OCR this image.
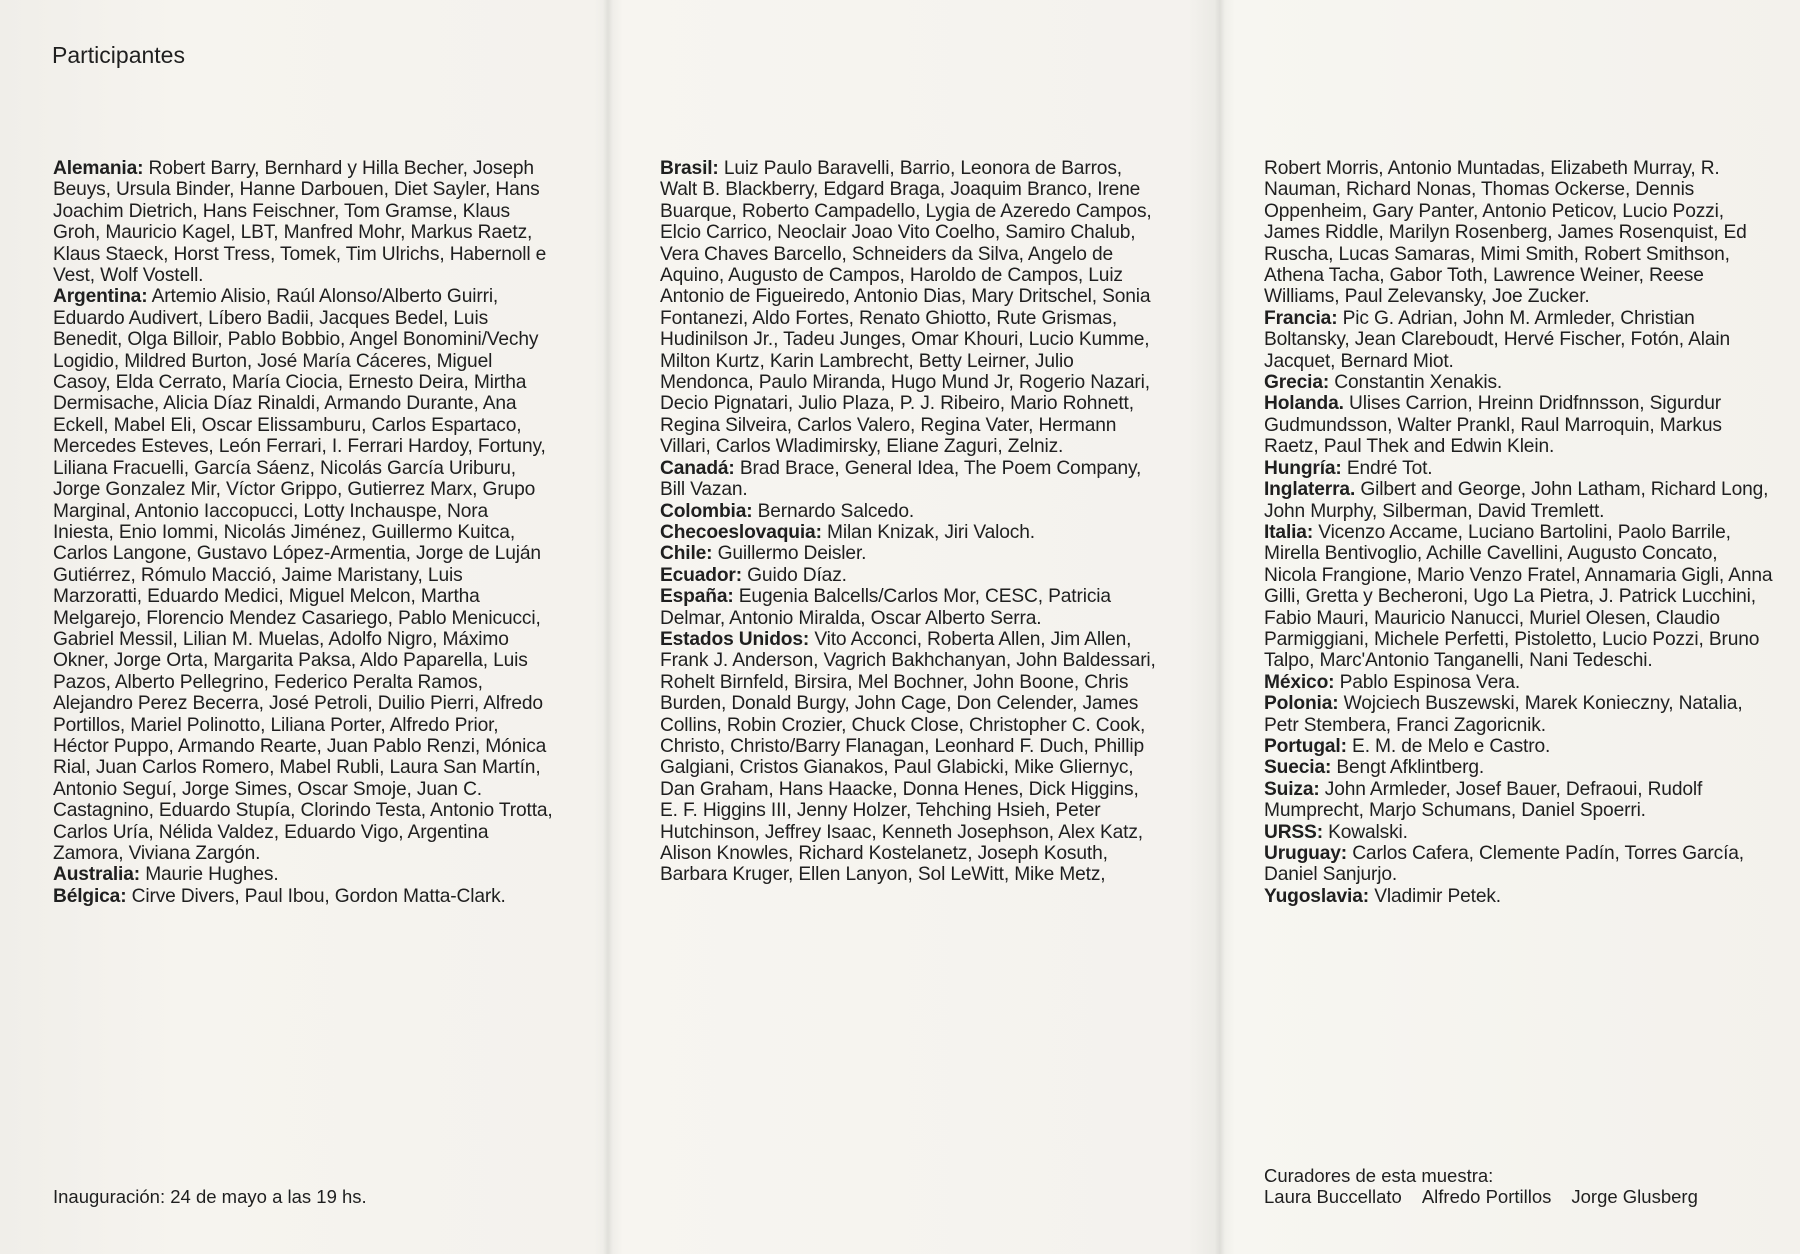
Participantes

Alemania: Robert Barry, Bernhard y Hilla Becher, Joseph Beuys, Ursula Binder, Hanne Darbouen, Diet Sayler, Hans Joachim Dietrich, Hans Feischner, Tom Gramse, Klaus Groh, Mauricio Kagel, LBT, Manfred Mohr, Markus Raetz, Klaus Staeck, Horst Tress, Tomek, Tim Ulrichs, Habernoll e Vest, Wolf Vostell.

Argentina: Artemio Alisio, Raúl Alonso/Alberto Guirri, Eduardo Audivert, Líbero Badii, Jacques Bedel, Luis Benedit, Olga Billoir, Pablo Bobbio, Angel Bonomini/Vechy Logidio, Mildred Burton, José María Cáceres, Miguel Casoy, Elda Cerrato, María Ciocia, Ernesto Deira, Mirtha Dermisache, Alicia Díaz Rinaldi, Armando Durante, Ana Eckell, Mabel Eli, Oscar Elissamburu, Carlos Espartaco, Mercedes Esteves, León Ferrari, I. Ferrari Hardoy, Fortuny, Liliana Fracuelli, García Sáenz, Nicolás García Uriburu, Jorge Gonzalez Mir, Víctor Grippo, Gutierrez Marx, Grupo Marginal, Antonio Iaccopucci, Lotty Inchauspe, Nora Iniesta, Enio Iommi, Nicolás Jiménez, Guillermo Kuitca, Carlos Langone, Gustavo López-Armentia, Jorge de Luján Gutiérrez, Rómulo Macció, Jaime Maristany, Luis Marzoratti, Eduardo Medici, Miguel Melcon, Martha Melgarejo, Florencio Mendez Casariego, Pablo Menicucci, Gabriel Messil, Lilian M. Muelas, Adolfo Nigro, Máximo Okner, Jorge Orta, Margarita Paksa, Aldo Paparella, Luis Pazos, Alberto Pellegrino, Federico Peralta Ramos, Alejandro Perez Becerra, José Petroli, Duilio Pierri, Alfredo Portillos, Mariel Polinotto, Liliana Porter, Alfredo Prior, Héctor Puppo, Armando Rearte, Juan Pablo Renzi, Mónica Rial, Juan Carlos Romero, Mabel Rubli, Laura San Martín, Antonio Seguí, Jorge Simes, Oscar Smoje, Juan C. Castagnino, Eduardo Stupía, Clorindo Testa, Antonio Trotta, Carlos Uría, Nélida Valdez, Eduardo Vigo, Argentina Zamora, Viviana Zargón.

Australia: Maurie Hughes.

Bélgica: Cirve Divers, Paul Ibou, Gordon Matta-Clark.

Brasil: Luiz Paulo Baravelli, Barrio, Leonora de Barros, Walt B. Blackberry, Edgard Braga, Joaquim Branco, Irene Buarque, Roberto Campadello, Lygia de Azeredo Campos, Elcio Carrico, Neoclair Joao Vito Coelho, Samiro Chalub, Vera Chaves Barcello, Schneiders da Silva, Angelo de Aquino, Augusto de Campos, Haroldo de Campos, Luiz Antonio de Figueiredo, Antonio Dias, Mary Dritschel, Sonia Fontanezi, Aldo Fortes, Renato Ghiotto, Rute Grismas, Hudinilson Jr., Tadeu Junges, Omar Khouri, Lucio Kumme, Milton Kurtz, Karin Lambrecht, Betty Leirner, Julio Mendonca, Paulo Miranda, Hugo Mund Jr, Rogerio Nazari, Decio Pignatari, Julio Plaza, P. J. Ribeiro, Mario Rohnett, Regina Silveira, Carlos Valero, Regina Vater, Hermann Villari, Carlos Wladimirsky, Eliane Zaguri, Zelniz.

Canadá: Brad Brace, General Idea, The Poem Company, Bill Vazan.

Colombia: Bernardo Salcedo.

Checoeslovaquia: Milan Knizak, Jiri Valoch.

Chile: Guillermo Deisler.

Ecuador: Guido Díaz.

España: Eugenia Balcells/Carlos Mor, CESC, Patricia Delmar, Antonio Miralda, Oscar Alberto Serra.

Estados Unidos: Vito Acconci, Roberta Allen, Jim Allen, Frank J. Anderson, Vagrich Bakhchanyan, John Baldessari, Rohelt Birnfeld, Birsira, Mel Bochner, John Boone, Chris Burden, Donald Burgy, John Cage, Don Celender, James Collins, Robin Crozier, Chuck Close, Christopher C. Cook, Christo, Christo/Barry Flanagan, Leonhard F. Duch, Phillip Galgiani, Cristos Gianakos, Paul Glabicki, Mike Gliernyc, Dan Graham, Hans Haacke, Donna Henes, Dick Higgins, E. F. Higgins III, Jenny Holzer, Tehching Hsieh, Peter Hutchinson, Jeffrey Isaac, Kenneth Josephson, Alex Katz, Alison Knowles, Richard Kostelanetz, Joseph Kosuth, Barbara Kruger, Ellen Lanyon, Sol LeWitt, Mike Metz,

Robert Morris, Antonio Muntadas, Elizabeth Murray, R. Nauman, Richard Nonas, Thomas Ockerse, Dennis Oppenheim, Gary Panter, Antonio Peticov, Lucio Pozzi, James Riddle, Marilyn Rosenberg, James Rosenquist, Ed Ruscha, Lucas Samaras, Mimi Smith, Robert Smithson, Athena Tacha, Gabor Toth, Lawrence Weiner, Reese Williams, Paul Zelevansky, Joe Zucker.

Francia: Pic G. Adrian, John M. Armleder, Christian Boltansky, Jean Clareboudt, Hervé Fischer, Fotón, Alain Jacquet, Bernard Miot.

Grecia: Constantin Xenakis.

Holanda. Ulises Carrion, Hreinn Dridfnnsson, Sigurdur Gudmundsson, Walter Prankl, Raul Marroquin, Markus Raetz, Paul Thek and Edwin Klein.

Hungría: Endré Tot.

Inglaterra. Gilbert and George, John Latham, Richard Long, John Murphy, Silberman, David Tremlett.

Italia: Vicenzo Accame, Luciano Bartolini, Paolo Barrile, Mirella Bentivoglio, Achille Cavellini, Augusto Concato, Nicola Frangione, Mario Venzo Fratel, Annamaria Gigli, Anna Gilli, Gretta y Becheroni, Ugo La Pietra, J. Patrick Lucchini, Fabio Mauri, Mauricio Nanucci, Muriel Olesen, Claudio Parmiggiani, Michele Perfetti, Pistoletto, Lucio Pozzi, Bruno Talpo, Marc'Antonio Tanganelli, Nani Tedeschi.

México: Pablo Espinosa Vera.

Polonia: Wojciech Buszewski, Marek Konieczny, Natalia, Petr Stembera, Franci Zagoricnik.

Portugal: E. M. de Melo e Castro.

Suecia: Bengt Afklintberg.

Suiza: John Armleder, Josef Bauer, Defraoui, Rudolf Mumprecht, Marjo Schumans, Daniel Spoerri.

URSS: Kowalski.

Uruguay: Carlos Cafera, Clemente Padín, Torres García, Daniel Sanjurjo.

Yugoslavia: Vladimir Petek.

Inauguración: 24 de mayo a las 19 hs.
Curadores de esta muestra:
Laura Buccellato Alfredo Portillos Jorge Glusberg
